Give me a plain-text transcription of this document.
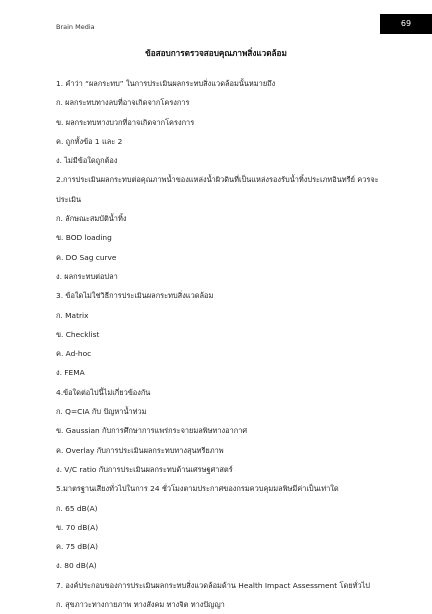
Brain Media	69
ข้อสอบการตรวจสอบคุณภาพสิ่งแวดล้อม
1. คำว่า “ผลกระทบ” ในการประเมินผลกระทบสิ่งแวดล้อมนั้นหมายถึง
ก. ผลกระทบทางลบที่อาจเกิดจากโครงการ
ข. ผลกระทบทางบวกที่อาจเกิดจากโครงการ
ค. ถูกทั้งข้อ 1 และ 2
ง. ไม่มีข้อใดถูกต้อง
2.การประเมินผลกระทบต่อคุณภาพน้ำของแหล่งน้ำผิวดินที่เป็นแหล่งรองรับน้ำทิ้งประเภทอินทรีย์ ควรจะ
ประเมิน
ก. ลักษณะสมบัติน้ำทิ้ง
ข. BOD loading
ค. DO Sag curve
ง. ผลกระทบต่อปลา
3. ข้อใดไม่ใช่วิธีการประเมินผลกระทบสิ่งแวดล้อม
ก. Matrix
ข. Checklist
ค. Ad-hoc
ง. FEMA
4.ข้อใดต่อไปนี้ไม่เกี่ยวข้องกัน
ก. Q=CIA กับ ปัญหาน้ำท่วม
ข. Gaussian กับการศึกษาการแพร่กระจายมลพิษทางอากาศ
ค. Overlay กับการประเมินผลกระทบทางสุนทรียภาพ
ง. V/C ratio กับการประเมินผลกระทบด้านเศรษฐศาสตร์
5.มาตรฐานเสียงทั่วไปในการ 24 ชั่วโมงตามประกาศของกรมควบคุมมลพิษมีค่าเป็นเท่าใด
ก. 65 dB(A)
ข. 70 dB(A)
ค. 75 dB(A)
ง. 80 dB(A)
7. องค์ประกอบของการประเมินผลกระทบสิ่งแวดล้อมด้าน Health Impact Assessment โดยทั่วไป
ก. สุขภาวะทางกายภาพ ทางสังคม ทางจิต ทางปัญญา
